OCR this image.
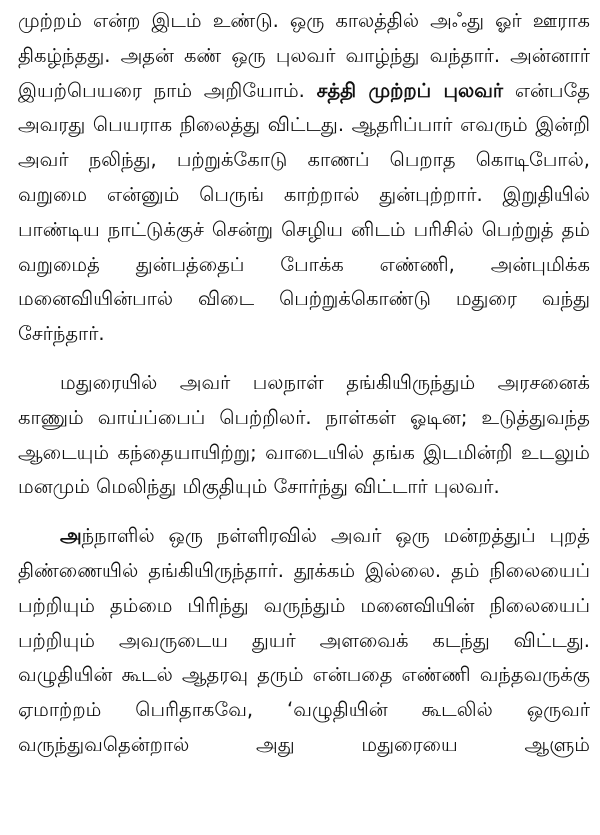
முற்றம் என்ற இடம் உண்டு. ஒரு காலத்தில் அஃது ஓர் ஊராக திகழ்ந்தது. அதன் கண் ஒரு புலவர் வாழ்ந்து வந்தார். அன்னார் இயற்பெயரை நாம் அறியோம். சத்தி முற்றப் புலவர் என்பதே அவரது பெயராக நிலைத்து விட்டது. ஆதரிப்பார் எவரும் இன்றி அவர் நலிந்து, பற்றுக்கோடு காணப் பெறாத கொடிபோல், வறுமை என்னும் பெருங் காற்றால் துன்புற்றார். இறுதியில் பாண்டிய நாட்டுக்குச் சென்று செழிய னிடம் பரிசில் பெற்றுத் தம் வறுமைத் துன்பத்தைப் போக்க எண்ணி, அன்புமிக்க மனைவியின்பால் விடை பெற்றுக்கொண்டு மதுரை வந்து சேர்ந்தார்.

மதுரையில் அவர் பலநாள் தங்கியிருந்தும் அரசனைக் காணும் வாய்ப்பைப் பெற்றிலர். நாள்கள் ஓடின; உடுத்துவந்த ஆடையும் கந்தையாயிற்று; வாடையில் தங்க இடமின்றி உடலும் மனமும் மெலிந்து மிகுதியும் சோர்ந்து விட்டார் புலவர்.

அந்நாளில் ஒரு நள்ளிரவில் அவர் ஒரு மன்றத்துப் புறத் திண்ணையில் தங்கியிருந்தார். தூக்கம் இல்லை. தம் நிலையைப் பற்றியும் தம்மை பிரிந்து வருந்தும் மனைவியின் நிலையைப் பற்றியும் அவருடைய துயர் அளவைக் கடந்து விட்டது. வழுதியின் கூடல் ஆதரவு தரும் என்பதை எண்ணி வந்தவருக்கு ஏமாற்றம் பெரிதாகவே, ‘வழுதியின் கூடலில் ஒருவர் வருந்துவதென்றால் அது மதுரையை ஆளும்
